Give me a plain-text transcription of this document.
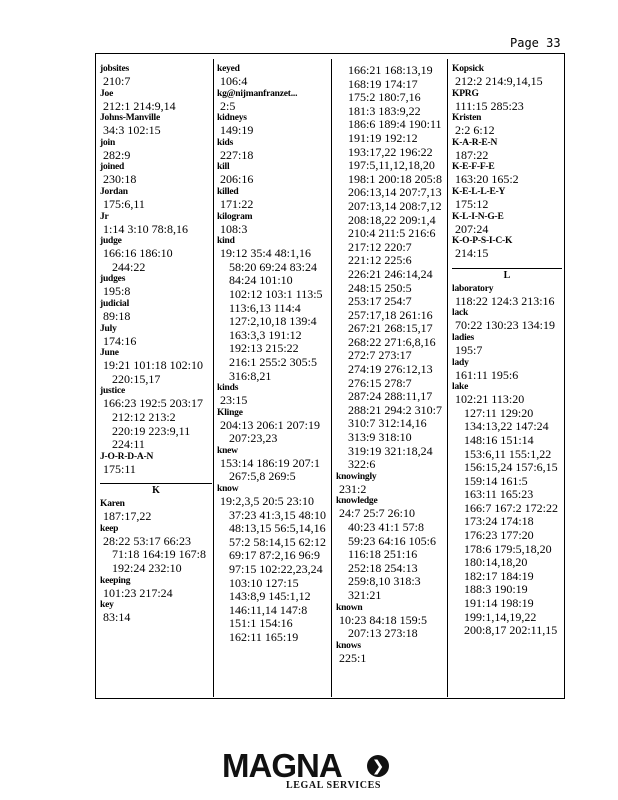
Page 33
jobsites
210:7
Joe
212:1 214:9,14
Johns-Manville
34:3 102:15
join
282:9
joined
230:18
Jordan
175:6,11
Jr
1:14 3:10 78:8,16
judge
166:16 186:10
244:22
judges
195:8
judicial
89:18
July
174:16
June
19:21 101:18 102:10
220:15,17
justice
166:23 192:5 203:17
212:12 213:2
220:19 223:9,11
224:11
J-O-R-D-A-N
175:11
K
Karen
187:17,22
keep
28:22 53:17 66:23
71:18 164:19 167:8
192:24 232:10
keeping
101:23 217:24
key
83:14
keyed
106:4
kg@nijmanfranzet...
2:5
kidneys
149:19
kids
227:18
kill
206:16
killed
171:22
kilogram
108:3
kind
19:12 35:4 48:1,16
58:20 69:24 83:24
84:24 101:10
102:12 103:1 113:5
113:6,13 114:4
127:2,10,18 139:4
163:3,3 191:12
192:13 215:22
216:1 255:2 305:5
316:8,21
kinds
23:15
Klinge
204:13 206:1 207:19
207:23,23
knew
153:14 186:19 207:1
267:5,8 269:5
know
19:2,3,5 20:5 23:10
37:23 41:3,15 48:10
48:13,15 56:5,14,16
57:2 58:14,15 62:12
69:17 87:2,16 96:9
97:15 102:22,23,24
103:10 127:15
143:8,9 145:1,12
146:11,14 147:8
151:1 154:16
162:11 165:19
166:21 168:13,19
168:19 174:17
175:2 180:7,16
181:3 183:9,22
186:6 189:4 190:11
191:19 192:12
193:17,22 196:22
197:5,11,12,18,20
198:1 200:18 205:8
206:13,14 207:7,13
207:13,14 208:7,12
208:18,22 209:1,4
210:4 211:5 216:6
217:12 220:7
221:12 225:6
226:21 246:14,24
248:15 250:5
253:17 254:7
257:17,18 261:16
267:21 268:15,17
268:22 271:6,8,16
272:7 273:17
274:19 276:12,13
276:15 278:7
287:24 288:11,17
288:21 294:2 310:7
310:7 312:14,16
313:9 318:10
319:19 321:18,24
322:6
knowingly
231:2
knowledge
24:7 25:7 26:10
40:23 41:1 57:8
59:23 64:16 105:6
116:18 251:16
252:18 254:13
259:8,10 318:3
321:21
known
10:23 84:18 159:5
207:13 273:18
knows
225:1
Kopsick
212:2 214:9,14,15
KPRG
111:15 285:23
Kristen
2:2 6:12
K-A-R-E-N
187:22
K-E-F-F-E
163:20 165:2
K-E-L-L-E-Y
175:12
K-L-I-N-G-E
207:24
K-O-P-S-I-C-K
214:15
L
laboratory
118:22 124:3 213:16
lack
70:22 130:23 134:19
ladies
195:7
lady
161:11 195:6
lake
102:21 113:20
127:11 129:20
134:13,22 147:24
148:16 151:14
153:6,11 155:1,22
156:15,24 157:6,15
159:14 161:5
163:11 165:23
166:7 167:2 172:22
173:24 174:18
176:23 177:20
178:6 179:5,18,20
180:14,18,20
182:17 184:19
188:3 190:19
191:14 198:19
199:1,14,19,22
200:8,17 202:11,15
MAGNA	❯
LEGAL SERVICES
